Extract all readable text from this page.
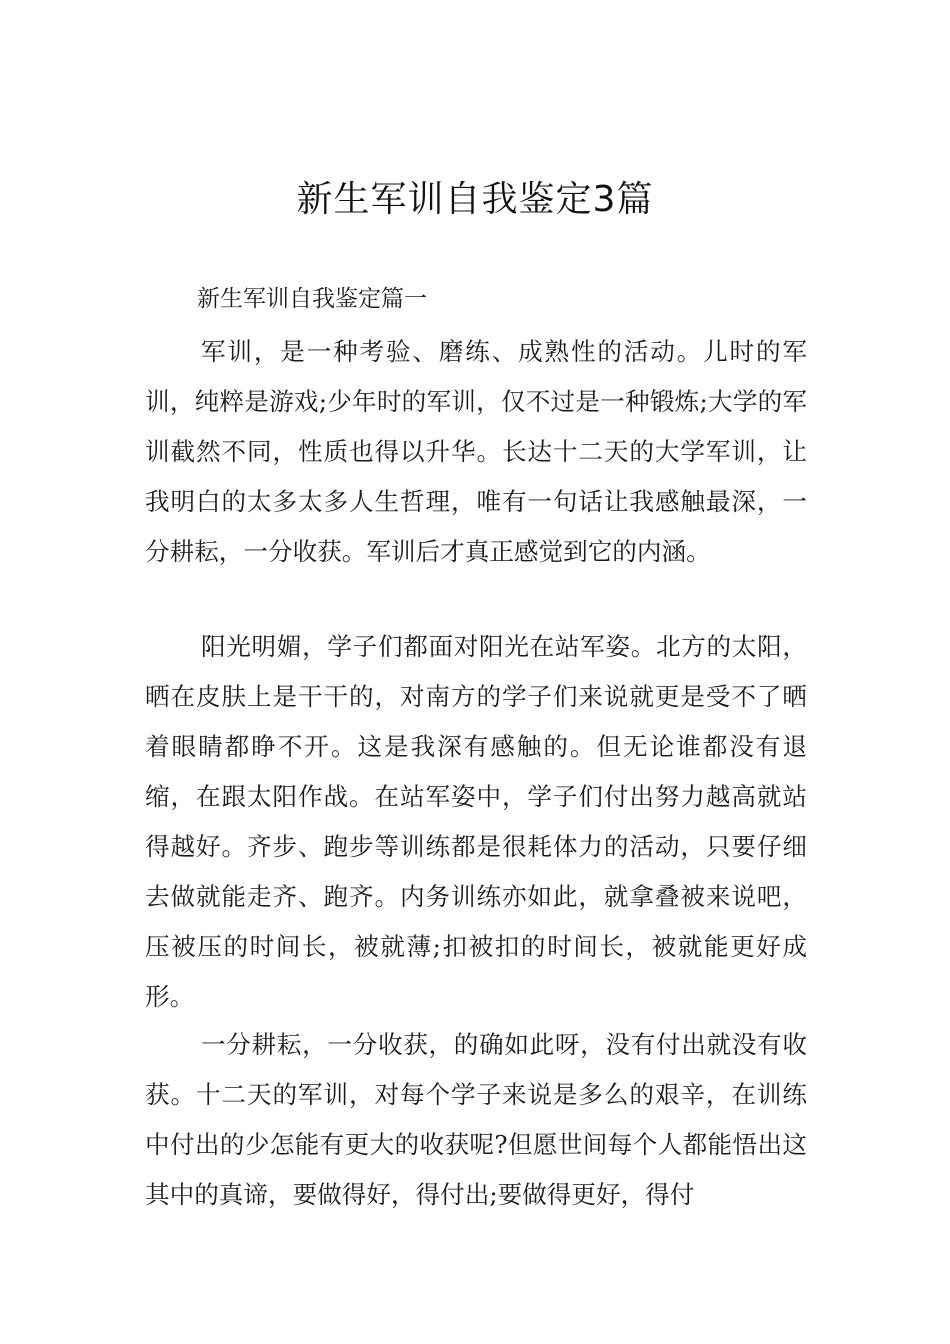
新生军训自我鉴定3篇
新生军训自我鉴定篇一

军训，是一种考验、磨练、成熟性的活动。儿时的军训，纯粹是游戏;少年时的军训，仅不过是一种锻炼;大学的军训截然不同，性质也得以升华。长达十二天的大学军训，让我明白的太多太多人生哲理，唯有一句话让我感触最深，一分耕耘，一分收获。军训后才真正感觉到它的内涵。

阳光明媚，学子们都面对阳光在站军姿。北方的太阳，晒在皮肤上是干干的，对南方的学子们来说就更是受不了晒着眼睛都睁不开。这是我深有感触的。但无论谁都没有退缩，在跟太阳作战。在站军姿中，学子们付出努力越高就站得越好。齐步、跑步等训练都是很耗体力的活动，只要仔细去做就能走齐、跑齐。内务训练亦如此，就拿叠被来说吧，压被压的时间长，被就薄;扣被扣的时间长，被就能更好成形。

一分耕耘，一分收获，的确如此呀，没有付出就没有收获。十二天的军训，对每个学子来说是多么的艰辛，在训练中付出的少怎能有更大的收获呢?但愿世间每个人都能悟出这其中的真谛，要做得好，得付出;要做得更好，得付
